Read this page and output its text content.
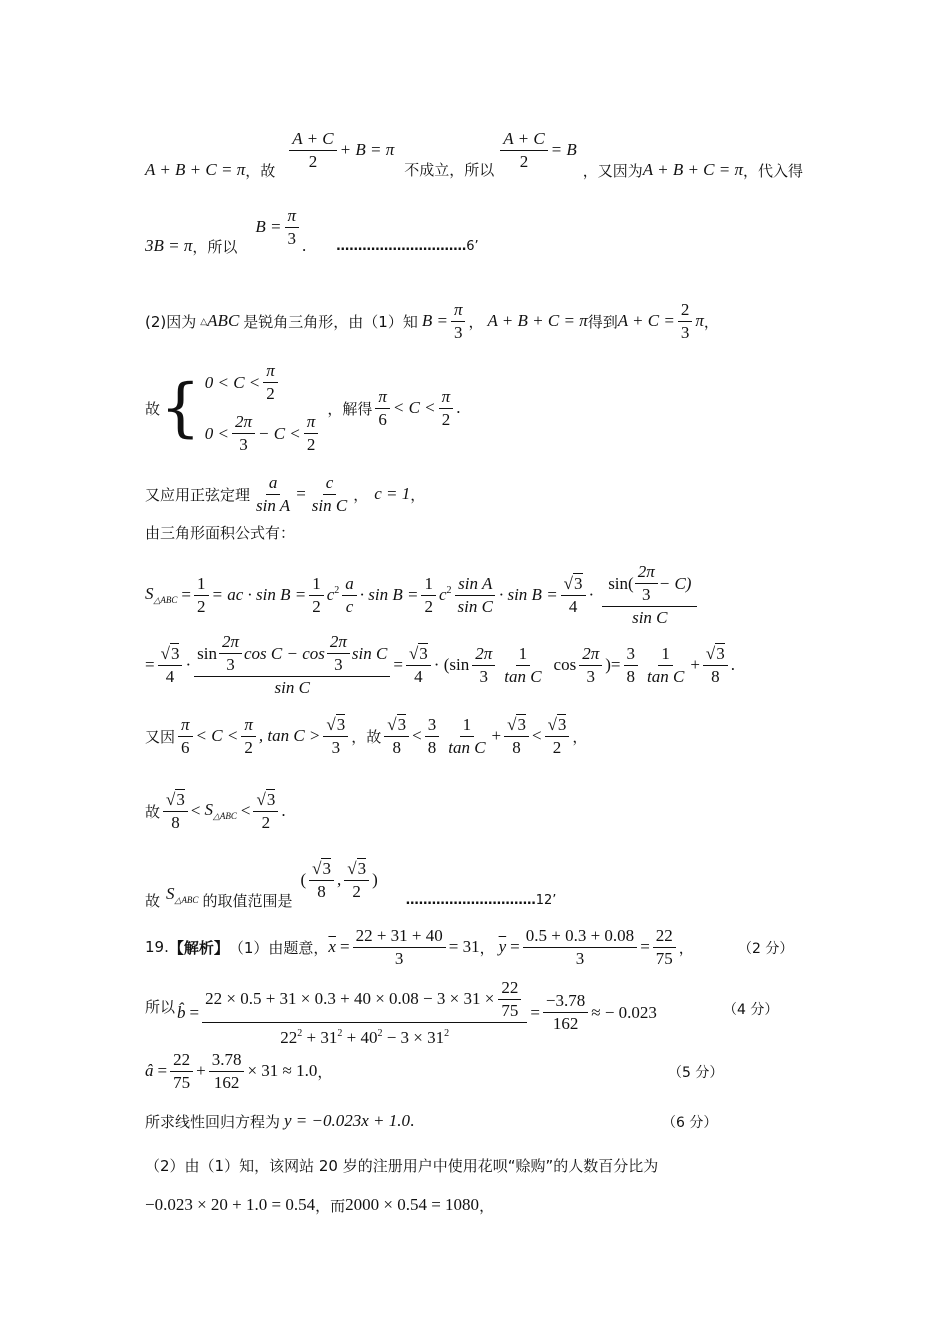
A + B + C = π ，故
A + C
2
+ B = π
不成立，所以 $\frac{A + C}{2} = B$
，又因为 A + B + C = π ，代入得
3B = π ，所以
$B = \frac{\pi}{3}$ . ………………………… 6’
(2)因为 △ ABC 是锐角三角形，由（1）知 $B = \frac{\pi}{3}$ ， A + B + C = π 得到 $A + C = \frac{2}{3}$ π ，
故 { 0 < C <
π
2
0 <
2π
3
− C <
π
2
，解得
π
6
< C <
π
2
.
又应用正弦定理 $\frac{a}{\text{sin A}} = \frac{c}{\text{sin C}}$ ， c = 1 ，
由三角形面积公式有：
$S_{\triangle ABC} = \frac{1}{2}$ = ac · $\sin B = \frac{1}{2} c^2$ a
c
· $\sin B = \frac{1}{2} c^2$ sin A
sin C
· $\sin B = \frac{√3}{4}$ ·
sin(
2π
3
− C)
sin C
= $\frac{√3}{4}$ ·
sin
2π
3
cos C − cos
2π
3
sin C
sin C
= $\frac{√3}{4} \cdot (\sin$
2π
3
1
tan C
cos
2π
3
)= $\frac{3}{8} 1$
tan C
+ $\frac{√3}{8}$ .
又因
π
6
< C <
π
2
, tan C >
√3
3
，故
√3
8
<
3
8
1
tan C
+ $\frac{√3}{8}$ <
√3
2
，
故
√3
8
< $S_{\triangle ABC}$ <
√3
2
.
故 $S_{\triangle ABC}$ 的取值范围是
(
√3
8
,
√3
2
)
………………………… 12’
19. 【解析】 （1）由题意， $\overline{x} = \frac{22 + 31 + 40}{3} = 31$ ， $\overline{y} = \frac{0.5 + 0.3 + 0.08}{3} = \frac{22}{75}$ ，	（2 分）
所以 b̂ =
$22 \times 0.5 + 31 \times 0.3 + 40 \times 0.08 - 3 \times 31 \times \frac{22}{75}$
$22^2 + 31^2 + 40^2 - 3 \times 31^2$
= $\frac{-3.78}{162}$ ≈ − 0.023	（4 分）
â = $\frac{22}{75} + \frac{3.78}{162} \times 31 \approx 1.0$ ，	（5 分）
所求线性回归方程为 y = −0.023x + 1.0 .	（6 分）
（2）由（1）知，该网站 20 岁的注册用户中使用花呗“赊购”的人数百分比为
−0.023 × 20 + 1.0 = 0.54 ，而 2000 × 0.54 = 1080 ，
